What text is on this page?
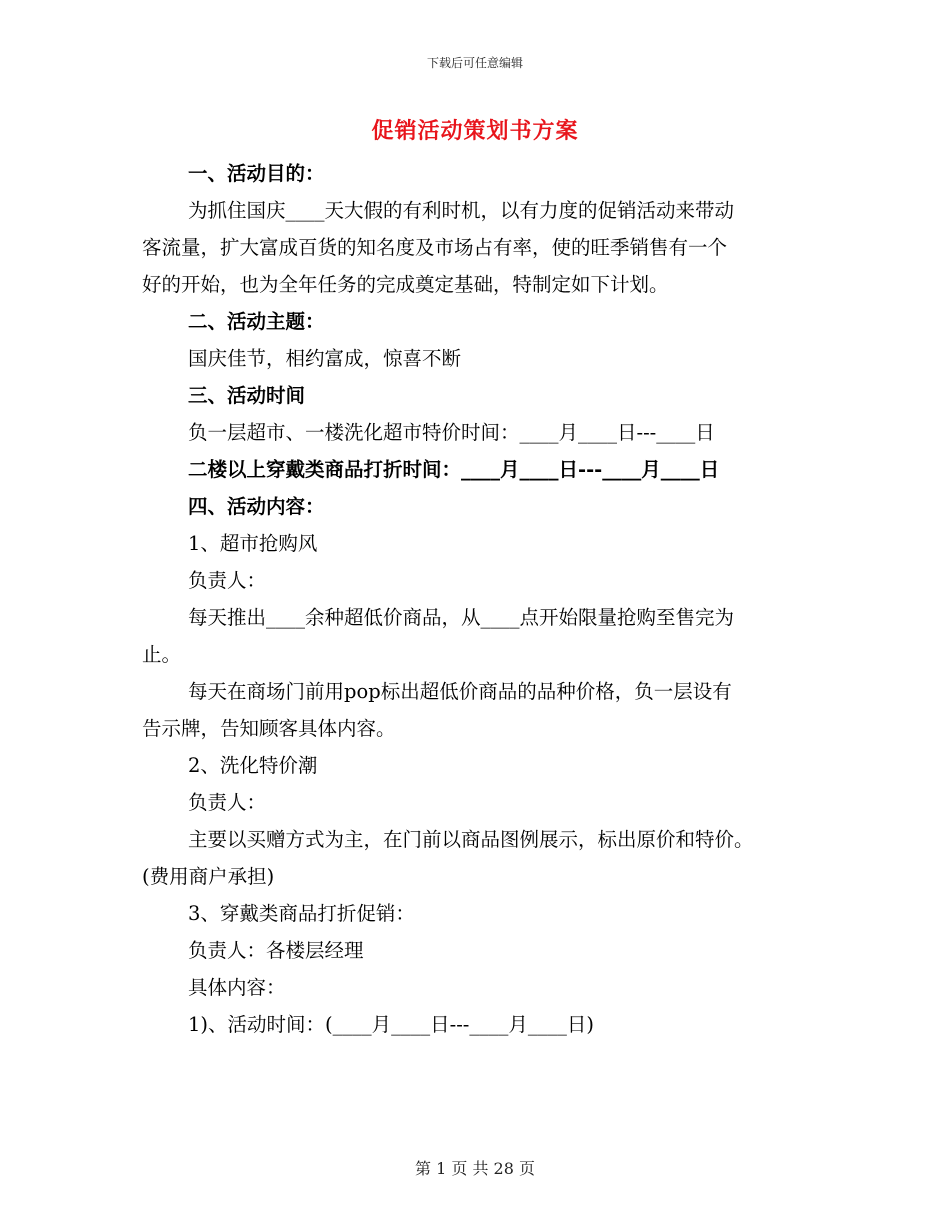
下载后可任意编辑
促销活动策划书方案

一、活动目的：

为抓住国庆____天大假的有利时机，以有力度的促销活动来带动

客流量，扩大富成百货的知名度及市场占有率，使的旺季销售有一个

好的开始，也为全年任务的完成奠定基础，特制定如下计划。

二、活动主题：

国庆佳节，相约富成，惊喜不断

三、活动时间

负一层超市、一楼洗化超市特价时间：____月____日---____日

二楼以上穿戴类商品打折时间：____月____日---____月____日

四、活动内容：

1、超市抢购风

负责人：

每天推出____余种超低价商品，从____点开始限量抢购至售完为

止。

每天在商场门前用pop标出超低价商品的品种价格，负一层设有

告示牌，告知顾客具体内容。

2、洗化特价潮

负责人：

主要以买赠方式为主，在门前以商品图例展示，标出原价和特价。

(费用商户承担)

3、穿戴类商品打折促销：

负责人：各楼层经理

具体内容：

1)、活动时间：(____月____日---____月____日)

第 1 页 共 28 页
